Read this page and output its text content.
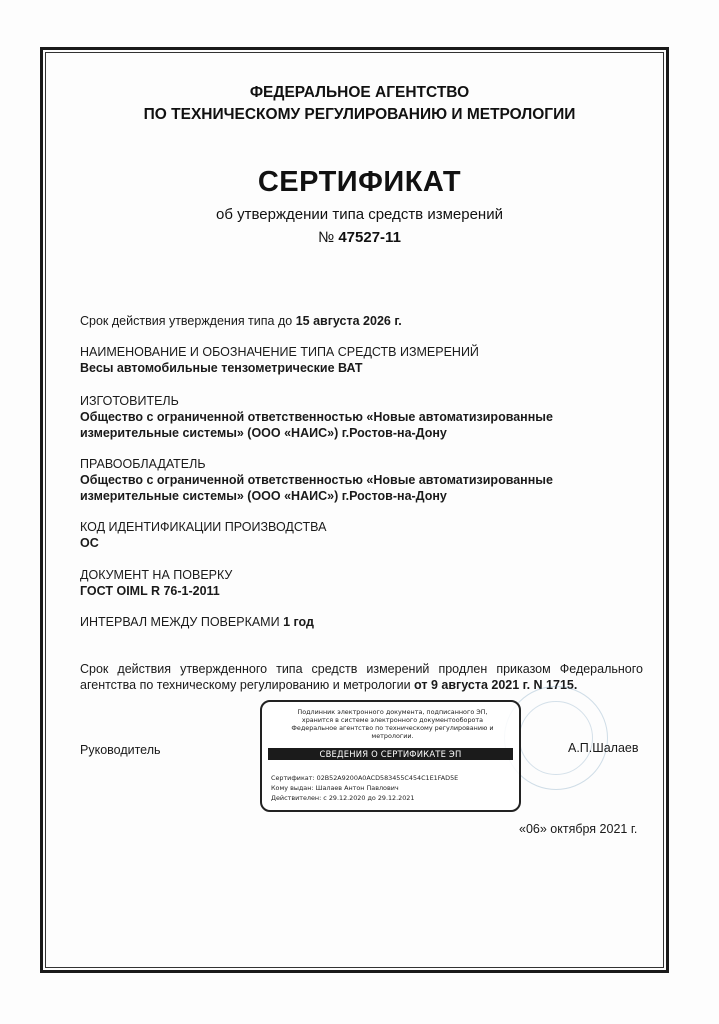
ФЕДЕРАЛЬНОЕ АГЕНТСТВО
ПО ТЕХНИЧЕСКОМУ РЕГУЛИРОВАНИЮ И МЕТРОЛОГИИ
СЕРТИФИКАТ
об утверждении типа средств измерений
№ 47527-11
Срок действия утверждения типа до 15 августа 2026 г.
НАИМЕНОВАНИЕ И ОБОЗНАЧЕНИЕ ТИПА СРЕДСТВ ИЗМЕРЕНИЙ
Весы автомобильные тензометрические ВАТ
ИЗГОТОВИТЕЛЬ
Общество с ограниченной ответственностью «Новые автоматизированные
измерительные системы» (ООО «НАИС») г.Ростов-на-Дону
ПРАВООБЛАДАТЕЛЬ
Общество с ограниченной ответственностью «Новые автоматизированные
измерительные системы» (ООО «НАИС») г.Ростов-на-Дону
КОД ИДЕНТИФИКАЦИИ ПРОИЗВОДСТВА
ОС
ДОКУМЕНТ НА ПОВЕРКУ
ГОСТ OIML R 76-1-2011
ИНТЕРВАЛ МЕЖДУ ПОВЕРКАМИ 1 год
Срок действия утвержденного типа средств измерений продлен приказом Федерального агентства по техническому регулированию и метрологии от 9 августа 2021 г. N 1715.
Руководитель	А.П.Шалаев
Подлинник электронного документа, подписанного ЭП,
хранится в системе электронного документооборота
Федеральное агентство по техническому регулированию и
метрологии.
СВЕДЕНИЯ О СЕРТИФИКАТЕ ЭП
Сертификат: 02B52A9200A0ACD583455C454C1E1FAD5E
Кому выдан: Шалаев Антон Павлович
Действителен: с 29.12.2020 до 29.12.2021
«06» октября 2021 г.
